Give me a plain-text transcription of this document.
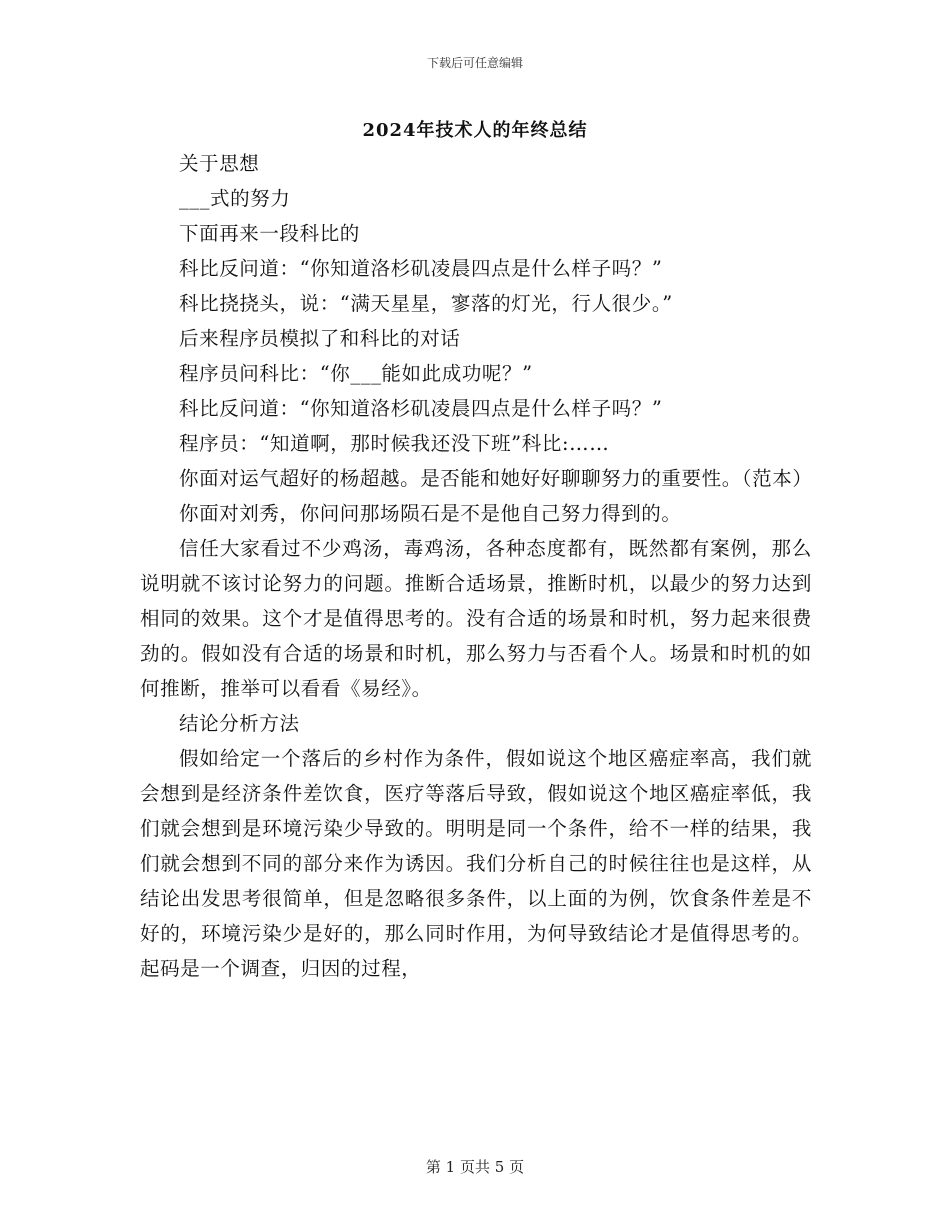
下载后可任意编辑
2024年技术人的年终总结

关于思想

___式的努力

下面再来一段科比的

科比反问道：“你知道洛杉矶凌晨四点是什么样子吗？”

科比挠挠头，说：“满天星星，寥落的灯光，行人很少。”

后来程序员模拟了和科比的对话

程序员问科比：“你___能如此成功呢？”

科比反问道：“你知道洛杉矶凌晨四点是什么样子吗？”

程序员：“知道啊，那时候我还没下班”科比:……

你面对运气超好的杨超越。是否能和她好好聊聊努力的重要性。（范本）

你面对刘秀，你问问那场陨石是不是他自己努力得到的。

信任大家看过不少鸡汤，毒鸡汤，各种态度都有，既然都有案例，那么说明就不该讨论努力的问题。推断合适场景，推断时机，以最少的努力达到相同的效果。这个才是值得思考的。没有合适的场景和时机，努力起来很费劲的。假如没有合适的场景和时机，那么努力与否看个人。场景和时机的如何推断，推举可以看看《易经》。

结论分析方法

假如给定一个落后的乡村作为条件，假如说这个地区癌症率高，我们就会想到是经济条件差饮食，医疗等落后导致，假如说这个地区癌症率低，我们就会想到是环境污染少导致的。明明是同一个条件，给不一样的结果，我们就会想到不同的部分来作为诱因。我们分析自己的时候往往也是这样，从结论出发思考很简单，但是忽略很多条件，以上面的为例，饮食条件差是不好的，环境污染少是好的，那么同时作用，为何导致结论才是值得思考的。起码是一个调查，归因的过程，

第 1 页共 5 页
